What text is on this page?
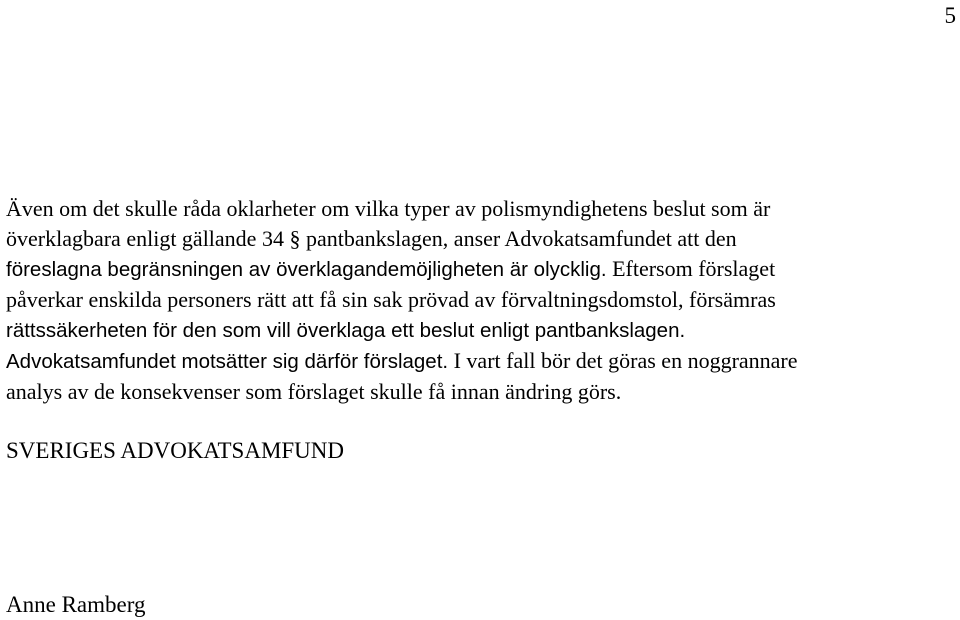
5
Även om det skulle råda oklarheter om vilka typer av polismyndighetens beslut som är
överklagbara enligt gällande 34 § pantbankslagen, anser Advokatsamfundet att den
föreslagna begränsningen av överklagandemöjligheten är olycklig. Eftersom förslaget
påverkar enskilda personers rätt att få sin sak prövad av förvaltningsdomstol, försämras
rättssäkerheten för den som vill överklaga ett beslut enligt pantbankslagen.
Advokatsamfundet motsätter sig därför förslaget. I vart fall bör det göras en noggrannare
analys av de konsekvenser som förslaget skulle få innan ändring görs.
SVERIGES ADVOKATSAMFUND
Anne Ramberg
